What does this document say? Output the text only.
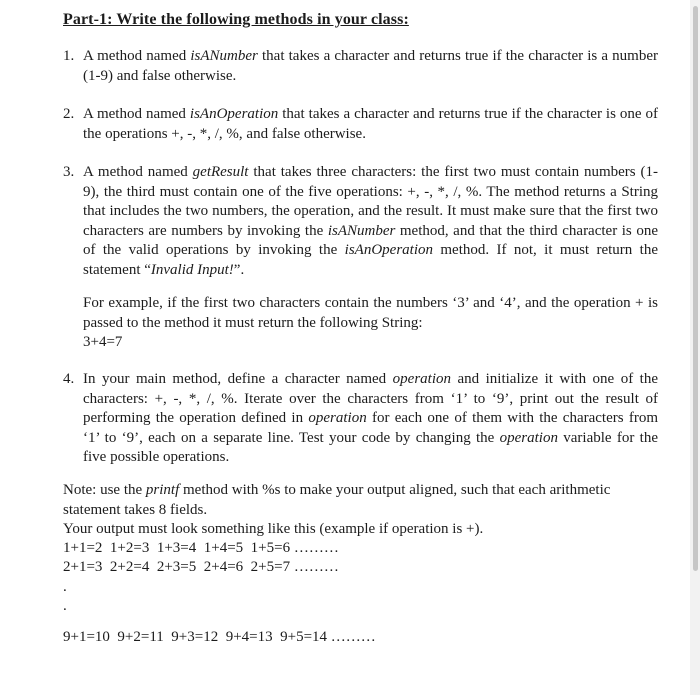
Part-1: Write the following methods in your class:
1. A method named isANumber that takes a character and returns true if the character is a number (1-9) and false otherwise.
2. A method named isAnOperation that takes a character and returns true if the character is one of the operations +, -, *, /, %, and false otherwise.
3. A method named getResult that takes three characters: the first two must contain numbers (1-9), the third must contain one of the five operations: +, -, *, /, %. The method returns a String that includes the two numbers, the operation, and the result. It must make sure that the first two characters are numbers by invoking the isANumber method, and that the third character is one of the valid operations by invoking the isAnOperation method. If not, it must return the statement “Invalid Input!”.
For example, if the first two characters contain the numbers ‘3’ and ‘4’, and the operation + is passed to the method it must return the following String:
3+4=7
4. In your main method, define a character named operation and initialize it with one of the characters: +, -, *, /, %. Iterate over the characters from ‘1’ to ‘9’, print out the result of performing the operation defined in operation for each one of them with the characters from ‘1’ to ‘9’, each on a separate line. Test your code by changing the operation variable for the five possible operations.
Note: use the printf method with %s to make your output aligned, such that each arithmetic statement takes 8 fields.
Your output must look something like this (example if operation is +).
1+1=2  1+2=3  1+3=4  1+4=5  1+5=6 ………
2+1=3  2+2=4  2+3=5  2+4=6  2+5=7 ………
.
.
9+1=10  9+2=11  9+3=12  9+4=13  9+5=14 ………
